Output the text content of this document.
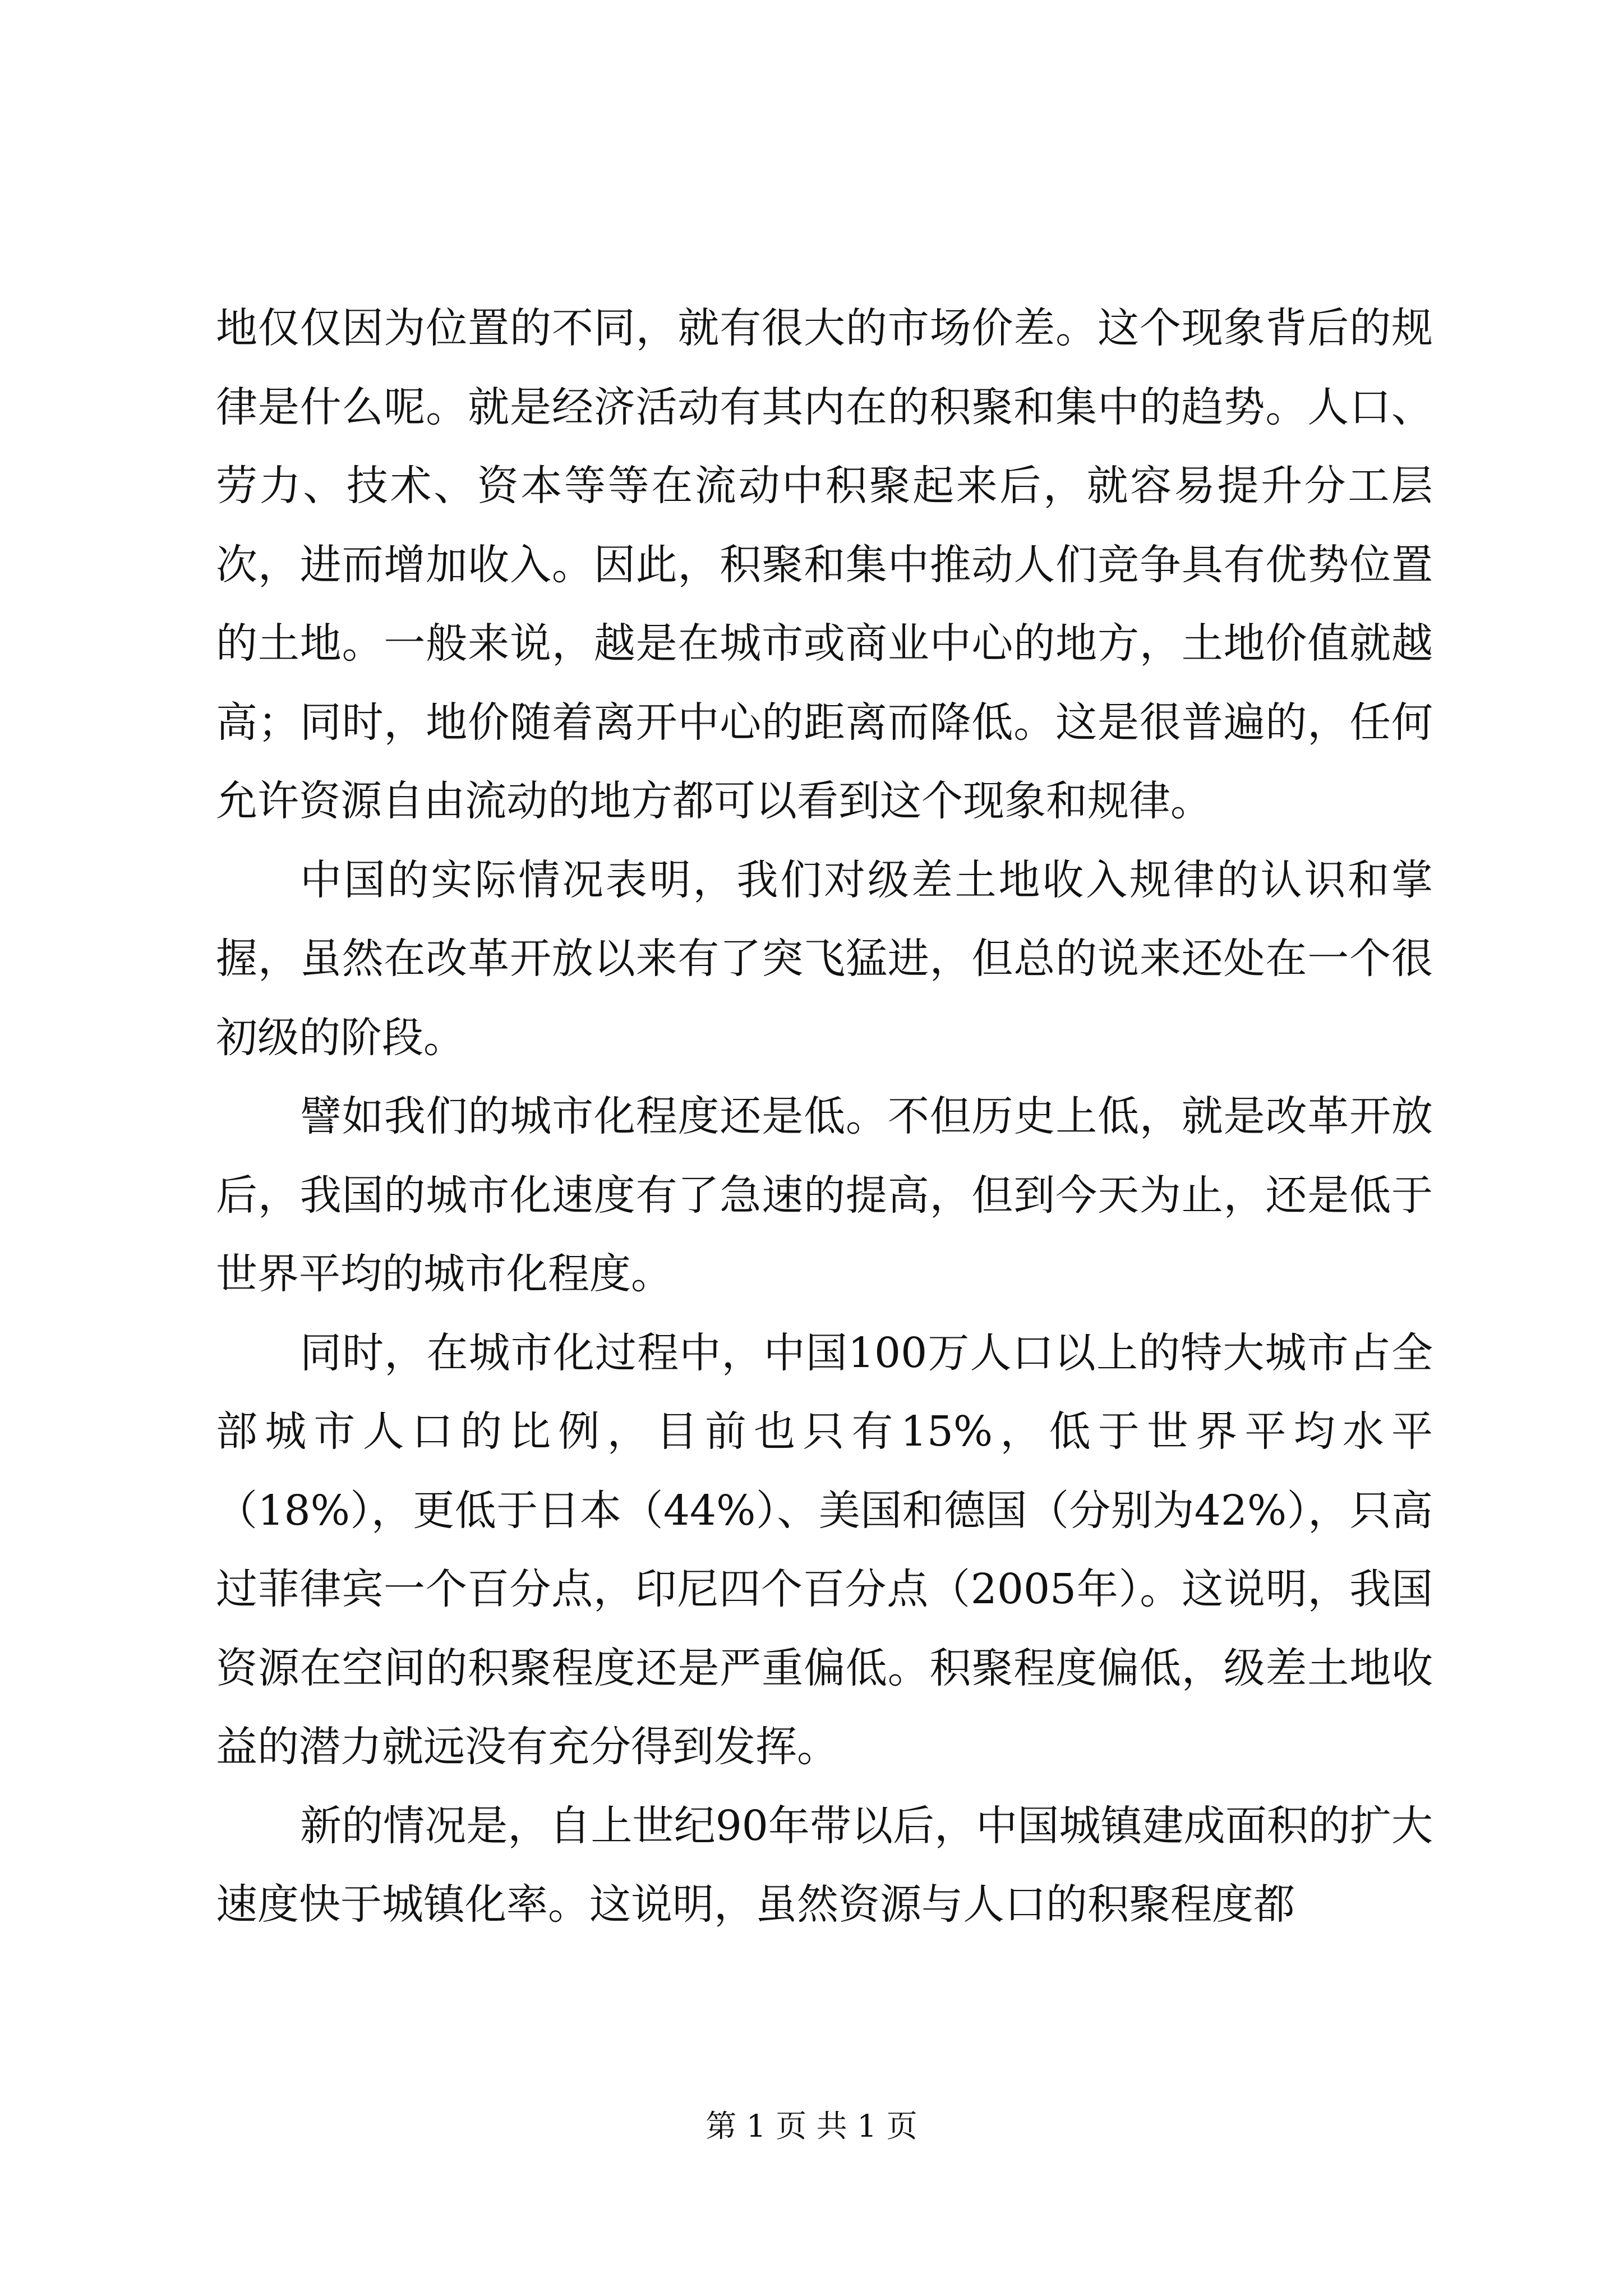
地仅仅因为位置的不同，就有很大的市场价差。这个现象背后的规律是什么呢。就是经济活动有其内在的积聚和集中的趋势。人口、劳力、技术、资本等等在流动中积聚起来后，就容易提升分工层次，进而增加收入。因此，积聚和集中推动人们竞争具有优势位置的土地。一般来说，越是在城市或商业中心的地方，土地价值就越高；同时，地价随着离开中心的距离而降低。这是很普遍的，任何允许资源自由流动的地方都可以看到这个现象和规律。

中国的实际情况表明，我们对级差土地收入规律的认识和掌握，虽然在改革开放以来有了突飞猛进，但总的说来还处在一个很初级的阶段。

譬如我们的城市化程度还是低。不但历史上低，就是改革开放后，我国的城市化速度有了急速的提高，但到今天为止，还是低于世界平均的城市化程度。

同时，在城市化过程中，中国100万人口以上的特大城市占全部城市人口的比例，目前也只有15%，低于世界平均水平（18%），更低于日本（44%）、美国和德国（分别为42%），只高过菲律宾一个百分点，印尼四个百分点（2005年）。这说明，我国资源在空间的积聚程度还是严重偏低。积聚程度偏低，级差土地收益的潜力就远没有充分得到发挥。

新的情况是，自上世纪90年带以后，中国城镇建成面积的扩大速度快于城镇化率。这说明，虽然资源与人口的积聚程度都

第 1 页 共 1 页
